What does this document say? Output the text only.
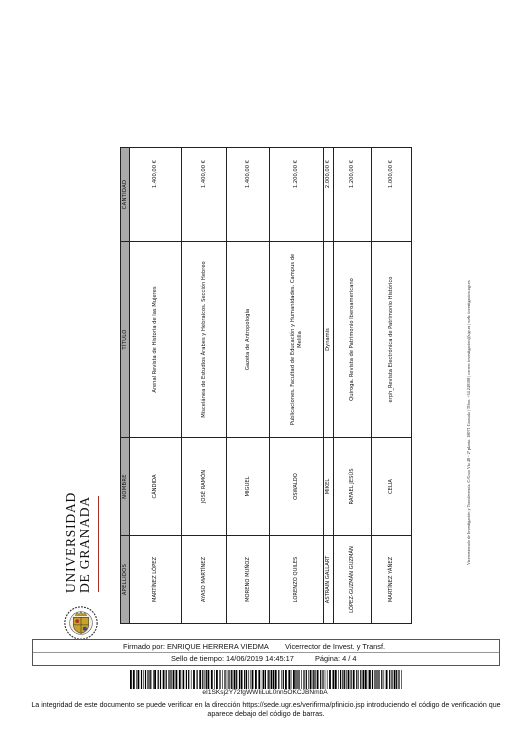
APELLIDOS	NOMBRE	TÍTULO	CANTIDAD
MARTÍNEZ LÓPEZ	CÁNDIDA	Arenal Revista de Historia de las Mujeres	1.400,00 €
AYASO MARTÍNEZ	JOSÉ RAMÓN	Miscelánea de Estudios Árabes y Hebraicos. Sección Hebreo	1.400,00 €
MORENO MUÑOZ	MIGUEL	Gazeta de Antropología	1.400,00 €
LORENZO QUILES	OSWALDO	Publicaciones. Facultad de Educación y Humanidades. Campus de Melilla	1.200,00 €
ASTRAIN GALLART	MIKEL	Dynamis	2.000,00 €
LÓPEZ-GUZMÁN GUZMÁN	RAFAEL JESÚS	Quiroga. Revista de Patrimonio Iberoamericano	1.200,00 €
MARTÍNEZ YÁÑEZ	CELIA	erph_Revista Electrónica de Patrimonio Histórico	1.000,00 €
UNIVERSIDAD DE GRANADA	Vicerrectorado de Investigación y Transferencia. C/Gran Vía 48 - 2ª planta. 18071 Granada | Tlfno. +34 240108 | correo: investigacion@ugr.es | web: investigacion.ugr.es
Firmado por: ENRIQUE HERRERA VIEDMA Vicerrector de Invest. y Transf.
Sello de tiempo: 14/06/2019 14:45:17	Página: 4 / 4
eI1SKsj2Y72fgWWIiLuL0nn5OKCJBNmbA
La integridad de este documento se puede verificar en la dirección https://sede.ugr.es/verifirma/pfinicio.jsp introduciendo el código de verificación que aparece debajo del código de barras.
